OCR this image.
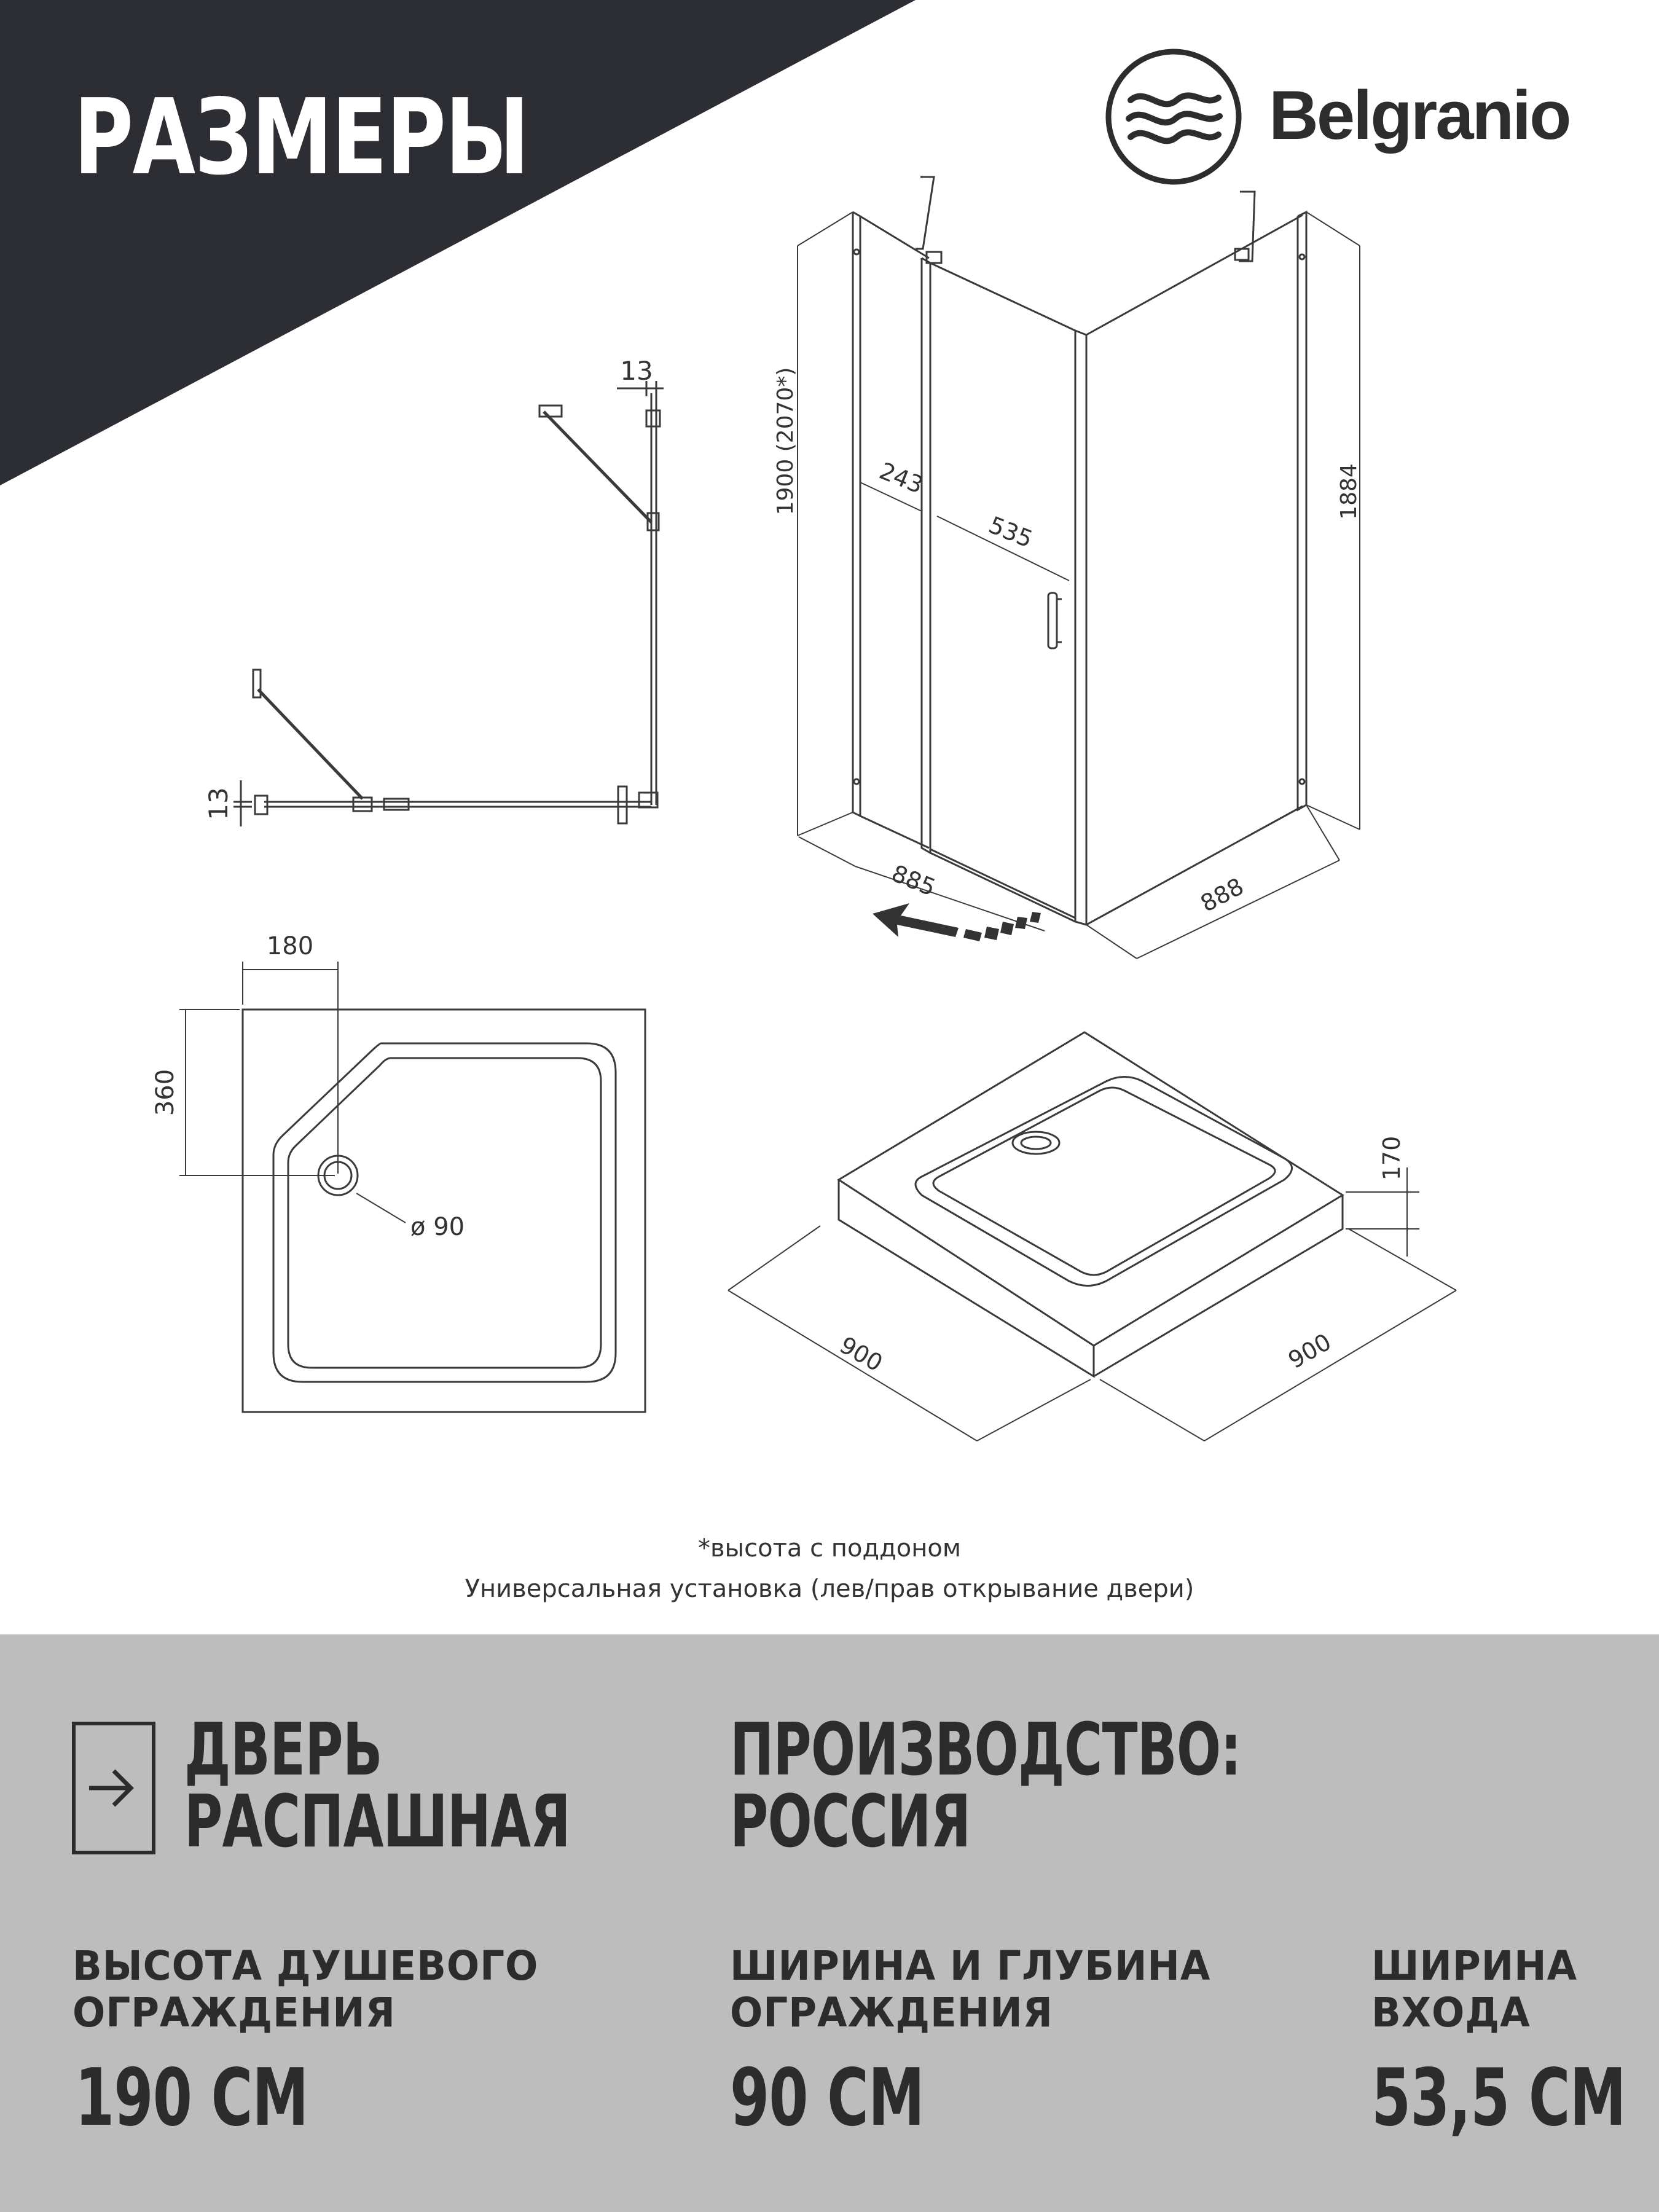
РАЗМЕРЫ	Belgranio
13
13
1900 (2070*)	1884
243
535
885	888
180
360
ø 90
170
900	900
*высота с поддоном
Универсальная установка (лев/прав открывание двери)
ДВЕРЬ
РАСПАШНАЯ
ПРОИЗВОДСТВО:
РОССИЯ
ВЫСОТА ДУШЕВОГО
ОГРАЖДЕНИЯ
190 СМ
ШИРИНА И ГЛУБИНА
ОГРАЖДЕНИЯ
90 СМ
ШИРИНА
ВХОДА
53,5 СМ
